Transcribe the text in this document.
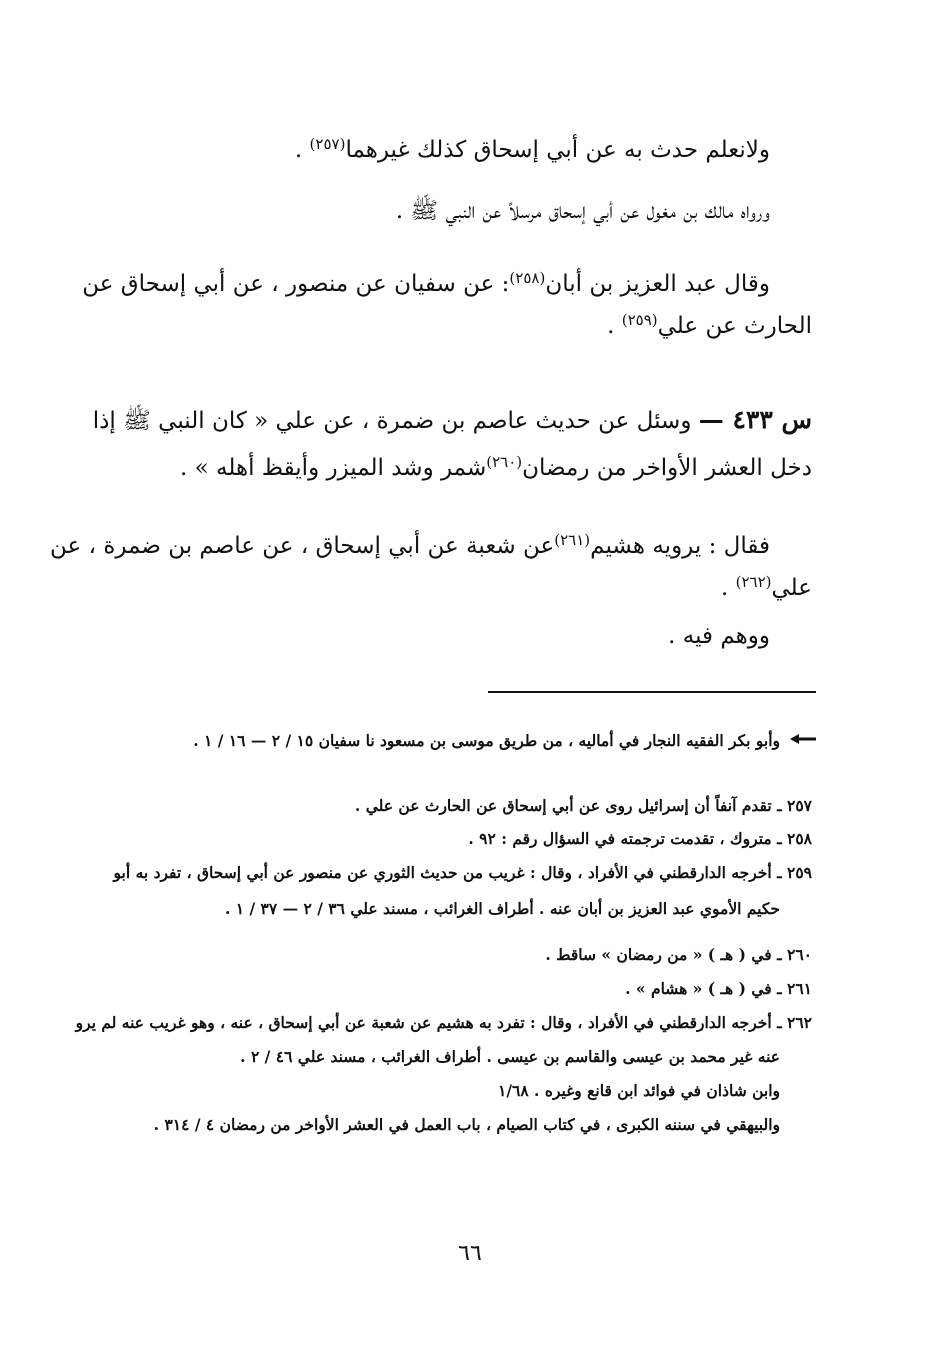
ولانعلم حدث به عن أبي إسحاق كذلك غيرهما$^{(٢٥٧)}$ .
ورواه مالك بن مغول عن أبي إسحاق مرسلاً عن النبي ﷺ .
وقال عبد العزيز بن أبان$^{(٢٥٨)}$: عن سفيان عن منصور ، عن أبي إسحاق عن
الحارث عن علي$^{(٢٥٩)}$ .
س ٤٣٣ — وسئل عن حديث عاصم بن ضمرة ، عن علي « كان النبي ﷺ إذا
دخل العشر الأواخر من رمضان$^{(٢٦٠)}$شمر وشد الميزر وأيقظ أهله » .
فقال : يرويه هشيم$^{(٢٦١)}$عن شعبة عن أبي إسحاق ، عن عاصم بن ضمرة ، عن
علي$^{(٢٦٢)}$ .
ووهم فيه .
وأبو بكر الفقيه النجار في أماليه ، من طريق موسى بن مسعود نا سفيان ١٥ / ٢ — ١٦ / ١ .
٢٥٧ ـ تقدم آنفاً أن إسرائيل روى عن أبي إسحاق عن الحارث عن علي .
٢٥٨ ـ متروك ، تقدمت ترجمته في السؤال رقم : ٩٢ .
٢٥٩ ـ أخرجه الدارقطني في الأفراد ، وقال : غريب من حديث الثوري عن منصور عن أبي إسحاق ، تفرد به أبو
حكيم الأموي عبد العزيز بن أبان عنه . أطراف الغرائب ، مسند علي ٣٦ / ٢ — ٣٧ / ١ .
٢٦٠ ـ في ( هـ ) « من رمضان » ساقط .
٢٦١ ـ في ( هـ ) « هشام » .
٢٦٢ ـ أخرجه الدارقطني في الأفراد ، وقال : تفرد به هشيم عن شعبة عن أبي إسحاق ، عنه ، وهو غريب عنه لم يرو
عنه غير محمد بن عيسى والقاسم بن عيسى . أطراف الغرائب ، مسند علي ٤٦ / ٢ .
وابن شاذان في فوائد ابن قانع وغيره . ١/٦٨
والبيهقي في سننه الكبرى ، في كتاب الصيام ، باب العمل في العشر الأواخر من رمضان ٤ / ٣١٤ .
٦٦
